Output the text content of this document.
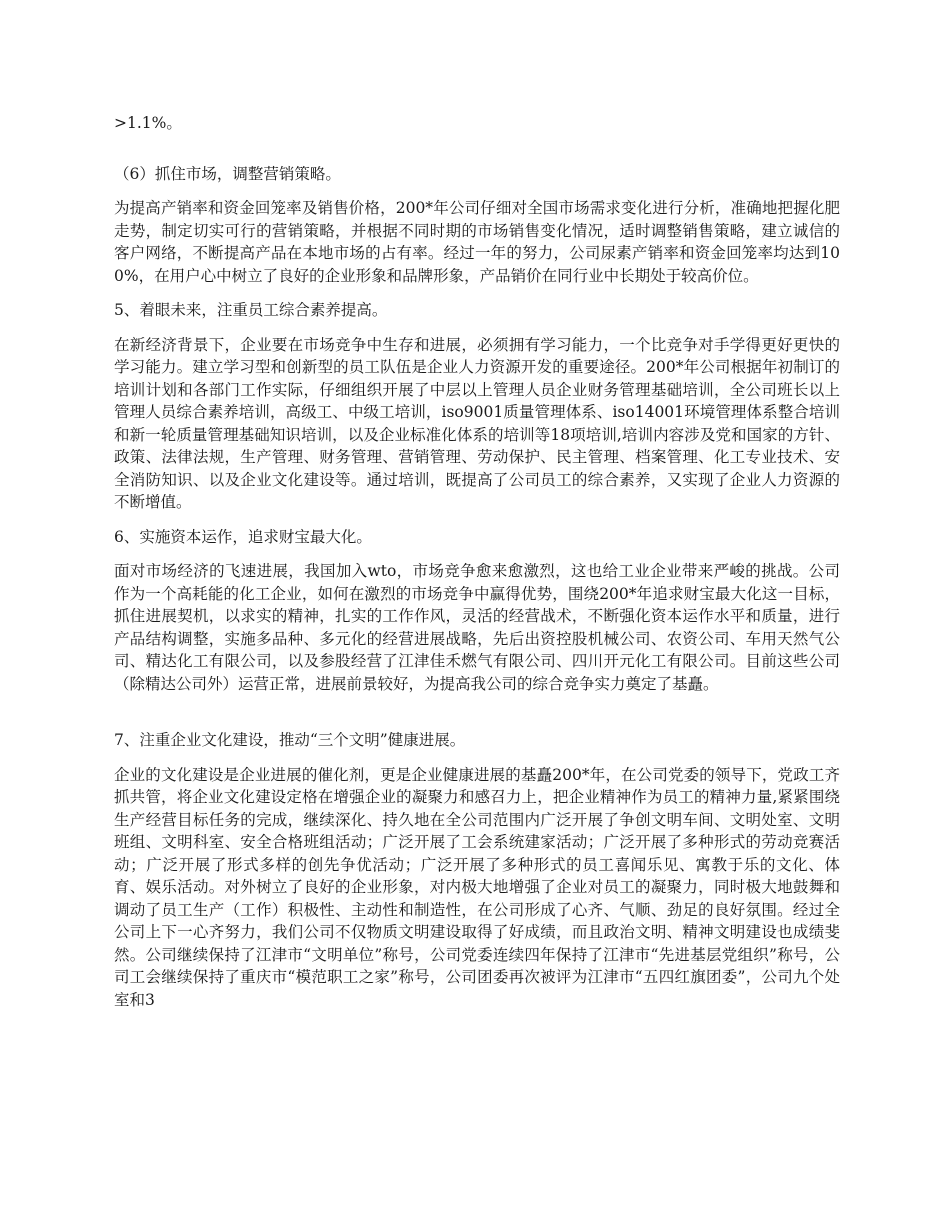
>1.1%。

（6）抓住市场，调整营销策略。

为提高产销率和资金回笼率及销售价格，200*年公司仔细对全国市场需求变化进行分析，准确地把握化肥走势，制定切实可行的营销策略，并根据不同时期的市场销售变化情况，适时调整销售策略，建立诚信的客户网络，不断提高产品在本地市场的占有率。经过一年的努力，公司尿素产销率和资金回笼率均达到100%，在用户心中树立了良好的企业形象和品牌形象，产品销价在同行业中长期处于较高价位。

5、着眼未来，注重员工综合素养提高。

在新经济背景下，企业要在市场竞争中生存和进展，必须拥有学习能力，一个比竞争对手学得更好更快的学习能力。建立学习型和创新型的员工队伍是企业人力资源开发的重要途径。200*年公司根据年初制订的培训计划和各部门工作实际，仔细组织开展了中层以上管理人员企业财务管理基础培训，全公司班长以上管理人员综合素养培训，高级工、中级工培训，iso9001质量管理体系、iso14001环境管理体系整合培训和新一轮质量管理基础知识培训，以及企业标准化体系的培训等18项培训,培训内容涉及党和国家的方针、政策、法律法规，生产管理、财务管理、营销管理、劳动保护、民主管理、档案管理、化工专业技术、安全消防知识、以及企业文化建设等。通过培训，既提高了公司员工的综合素养，又实现了企业人力资源的不断增值。

6、实施资本运作，追求财宝最大化。

面对市场经济的飞速进展，我国加入wto，市场竞争愈来愈激烈，这也给工业企业带来严峻的挑战。公司作为一个高耗能的化工企业，如何在激烈的市场竞争中赢得优势，围绕200*年追求财宝最大化这一目标，抓住进展契机，以求实的精神，扎实的工作作风，灵活的经营战术，不断强化资本运作水平和质量，进行产品结构调整，实施多品种、多元化的经营进展战略，先后出资控股机械公司、农资公司、车用天然气公司、精达化工有限公司，以及参股经营了江津佳禾燃气有限公司、四川开元化工有限公司。目前这些公司（除精达公司外）运营正常，进展前景较好，为提高我公司的综合竞争实力奠定了基矗。

7、注重企业文化建设，推动“三个文明”健康进展。

企业的文化建设是企业进展的催化剂，更是企业健康进展的基矗200*年，在公司党委的领导下，党政工齐抓共管，将企业文化建设定格在增强企业的凝聚力和感召力上，把企业精神作为员工的精神力量,紧紧围绕生产经营目标任务的完成，继续深化、持久地在全公司范围内广泛开展了争创文明车间、文明处室、文明班组、文明科室、安全合格班组活动；广泛开展了工会系统建家活动；广泛开展了多种形式的劳动竞赛活动；广泛开展了形式多样的创先争优活动；广泛开展了多种形式的员工喜闻乐见、寓教于乐的文化、体育、娱乐活动。对外树立了良好的企业形象，对内极大地增强了企业对员工的凝聚力，同时极大地鼓舞和调动了员工生产（工作）积极性、主动性和制造性，在公司形成了心齐、气顺、劲足的良好氛围。经过全公司上下一心齐努力，我们公司不仅物质文明建设取得了好成绩，而且政治文明、精神文明建设也成绩斐然。公司继续保持了江津市“文明单位”称号，公司党委连续四年保持了江津市“先进基层党组织”称号，公司工会继续保持了重庆市“模范职工之家”称号，公司团委再次被评为江津市“五四红旗团委”，公司九个处室和3
